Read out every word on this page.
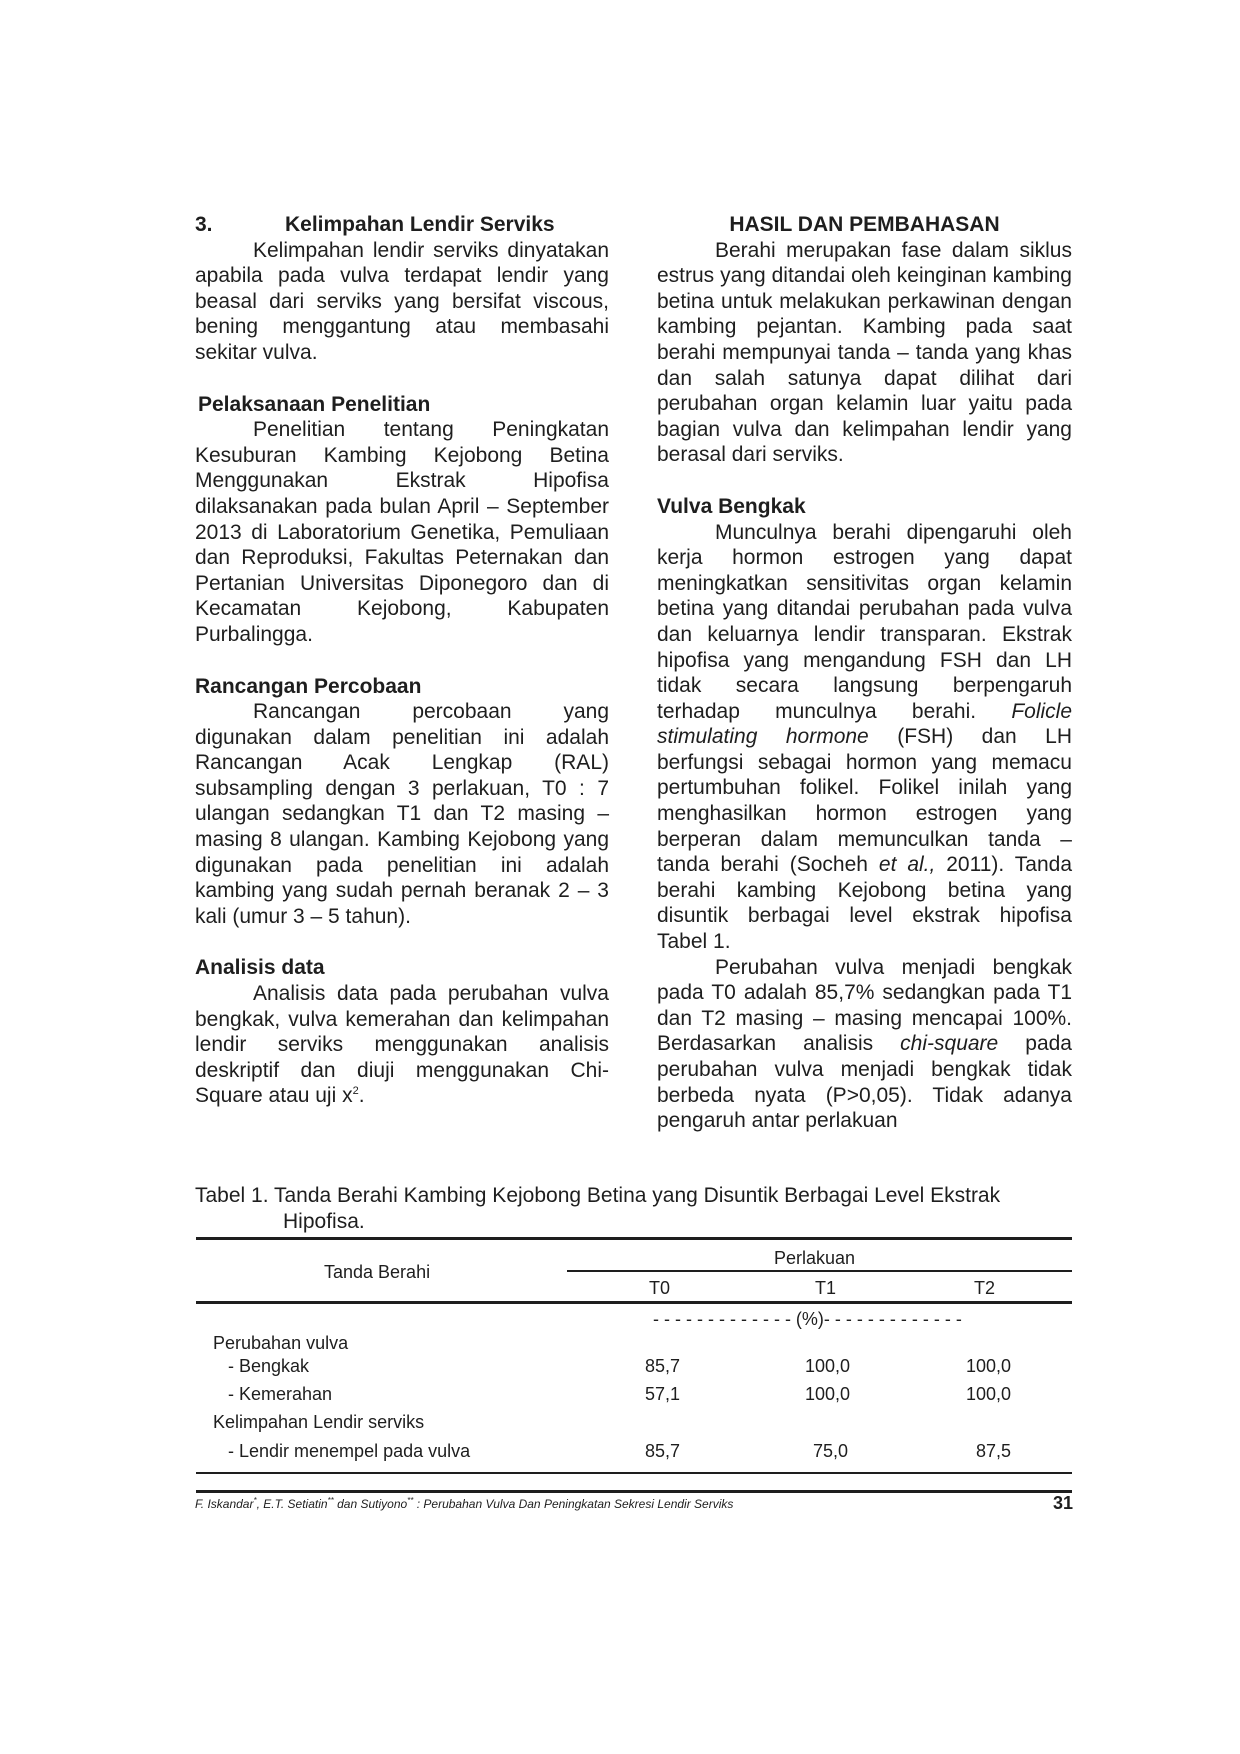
3.	Kelimpahan Lendir Serviks

Kelimpahan lendir serviks dinyatakan apabila pada vulva terdapat lendir yang beasal dari serviks yang bersifat viscous, bening menggantung atau membasahi sekitar vulva.

Pelaksanaan Penelitian

Penelitian tentang Peningkatan Kesuburan Kambing Kejobong Betina Menggunakan Ekstrak Hipofisa dilaksanakan pada bulan April – September 2013 di Laboratorium Genetika, Pemuliaan dan Reproduksi, Fakultas Peternakan dan Pertanian Universitas Diponegoro dan di Kecamatan Kejobong, Kabupaten Purbalingga.

Rancangan Percobaan

Rancangan percobaan yang digunakan dalam penelitian ini adalah Rancangan Acak Lengkap (RAL) subsampling dengan 3 perlakuan, T0 : 7 ulangan sedangkan T1 dan T2 masing – masing 8 ulangan. Kambing Kejobong yang digunakan pada penelitian ini adalah kambing yang sudah pernah beranak 2 – 3 kali (umur 3 – 5 tahun).

Analisis data

Analisis data pada perubahan vulva bengkak, vulva kemerahan dan kelimpahan lendir serviks menggunakan analisis deskriptif dan diuji menggunakan Chi-Square atau uji $x^2$.

HASIL DAN PEMBAHASAN

Berahi merupakan fase dalam siklus estrus yang ditandai oleh keinginan kambing betina untuk melakukan perkawinan dengan kambing pejantan. Kambing pada saat berahi mempunyai tanda – tanda yang khas dan salah satunya dapat dilihat dari perubahan organ kelamin luar yaitu pada bagian vulva dan kelimpahan lendir yang berasal dari serviks.

Vulva Bengkak

Munculnya berahi dipengaruhi oleh kerja hormon estrogen yang dapat meningkatkan sensitivitas organ kelamin betina yang ditandai perubahan pada vulva dan keluarnya lendir transparan. Ekstrak hipofisa yang mengandung FSH dan LH tidak secara langsung berpengaruh terhadap munculnya berahi. Folicle stimulating hormone (FSH) dan LH berfungsi sebagai hormon yang memacu pertumbuhan folikel. Folikel inilah yang menghasilkan hormon estrogen yang berperan dalam memunculkan tanda – tanda berahi (Socheh et al., 2011). Tanda berahi kambing Kejobong betina yang disuntik berbagai level ekstrak hipofisa Tabel 1.

Perubahan vulva menjadi bengkak pada T0 adalah 85,7% sedangkan pada T1 dan T2 masing – masing mencapai 100%. Berdasarkan analisis chi-square pada perubahan vulva menjadi bengkak tidak berbeda nyata (P>0,05). Tidak adanya pengaruh antar perlakuan

Tabel 1. Tanda Berahi Kambing Kejobong Betina yang Disuntik Berbagai Level Ekstrak
Hipofisa.
Tanda Berahi
Perlakuan
T0	T1	T2
- - - - - - - - - - - - - (%)- - - - - - - - - - - - -
Perubahan vulva
- Bengkak	85,7	100,0	100,0
- Kemerahan	57,1	100,0	100,0
Kelimpahan Lendir serviks
- Lendir menempel pada vulva	85,7	75,0	87,5
F. Iskandar*, E.T. Setiatin** dan Sutiyono** : Perubahan Vulva Dan Peningkatan Sekresi Lendir Serviks	31
